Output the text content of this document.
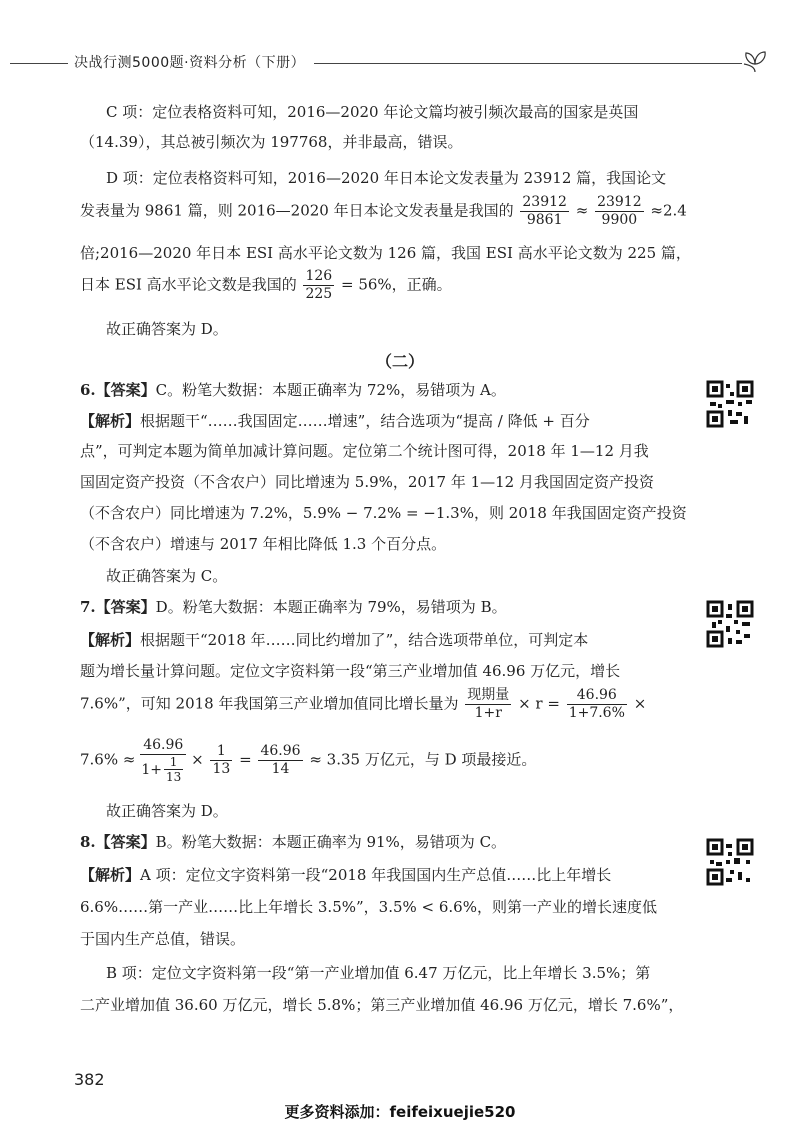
决战行测5000题·资料分析（下册）
C 项：定位表格资料可知，2016—2020 年论文篇均被引频次最高的国家是英国
（14.39），其总被引频次为 197768，并非最高，错误。
D 项：定位表格资料可知，2016—2020 年日本论文发表量为 23912 篇，我国论文
发表量为 9861 篇，则 2016—2020 年日本论文发表量是我国的 $\frac{23912}{9861} \approx \frac{23912}{9900} \approx 2.4$
倍;2016—2020 年日本 ESI 高水平论文数为 126 篇，我国 ESI 高水平论文数为 225 篇，
日本 ESI 高水平论文数是我国的 $\frac{126}{225} = 56\%$，正确。
故正确答案为 D。
（二）
6.【答案】C。粉笔大数据：本题正确率为 72%，易错项为 A。
【解析】根据题干“……我国固定……增速”，结合选项为“提高 / 降低 + 百分
点”，可判定本题为简单加减计算问题。定位第二个统计图可得，2018 年 1—12 月我
国固定资产投资（不含农户）同比增速为 5.9%，2017 年 1—12 月我国固定资产投资
（不含农户）同比增速为 7.2%，5.9% − 7.2% = −1.3%，则 2018 年我国固定资产投资
（不含农户）增速与 2017 年相比降低 1.3 个百分点。
故正确答案为 C。
7.【答案】D。粉笔大数据：本题正确率为 79%，易错项为 B。
【解析】根据题干“2018 年……同比约增加了”，结合选项带单位，可判定本
题为增长量计算问题。定位文字资料第一段“第三产业增加值 46.96 万亿元，增长
7.6%”，可知 2018 年我国第三产业增加值同比增长量为 $\frac{\text{现期量}}{1+r} \times r = \frac{46.96}{1+7.6\%}$ ×
$7.6\% \approx \frac{46.96}{1+ \frac{1}{13}} \times \frac{1}{13} = \frac{46.96}{14} \approx 3.35$ 万亿元，与 D 项最接近。
故正确答案为 D。
8.【答案】B。粉笔大数据：本题正确率为 91%，易错项为 C。
【解析】A 项：定位文字资料第一段“2018 年我国国内生产总值……比上年增长
6.6%……第一产业……比上年增长 3.5%”，3.5% < 6.6%，则第一产业的增长速度低
于国内生产总值，错误。
B 项：定位文字资料第一段“第一产业增加值 6.47 万亿元，比上年增长 3.5%；第
二产业增加值 36.60 万亿元，增长 5.8%；第三产业增加值 46.96 万亿元，增长 7.6%”，
382
更多资料添加：feifeixuejie520
